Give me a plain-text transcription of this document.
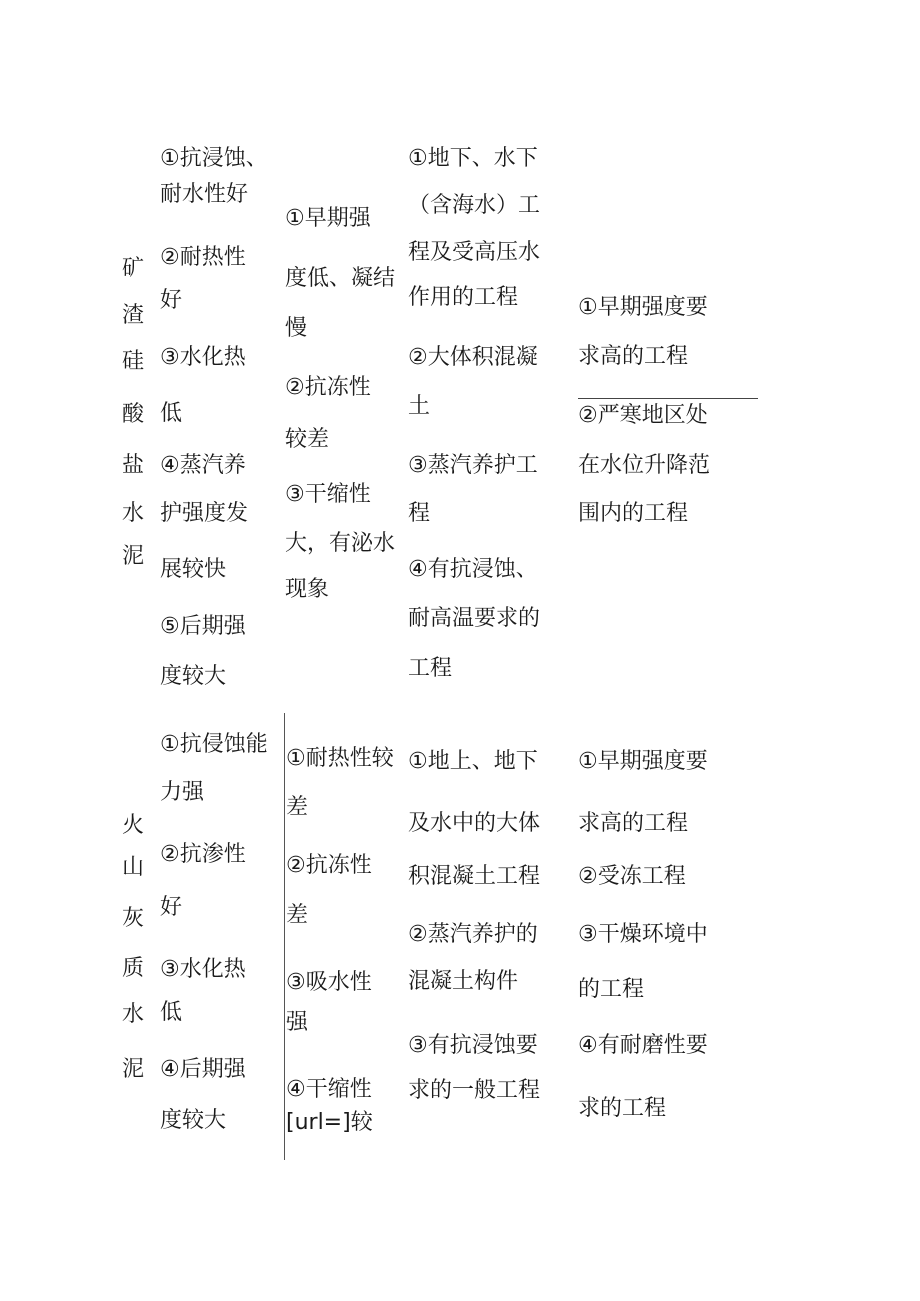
矿
渣
硅
酸
盐
水
泥
①抗浸蚀、
耐水性好
②耐热性
好
③水化热
低
④蒸汽养
护强度发
展较快
⑤后期强
度较大
①早期强
度低、凝结
慢
②抗冻性
较差
③干缩性
大，有泌水
现象
①地下、水下
（含海水）工
程及受高压水
作用的工程
②大体积混凝
土
③蒸汽养护工
程
④有抗浸蚀、
耐高温要求的
工程
①早期强度要
求高的工程
②严寒地区处
在水位升降范
围内的工程
火
山
灰
质
水
泥
①抗侵蚀能
力强
②抗渗性
好
③水化热
低
④后期强
度较大
①耐热性较
差
②抗冻性
差
③吸水性
强
④干缩性
[url=]较
①地上、地下
及水中的大体
积混凝土工程
②蒸汽养护的
混凝土构件
③有抗浸蚀要
求的一般工程
①早期强度要
求高的工程
②受冻工程
③干燥环境中
的工程
④有耐磨性要
求的工程
